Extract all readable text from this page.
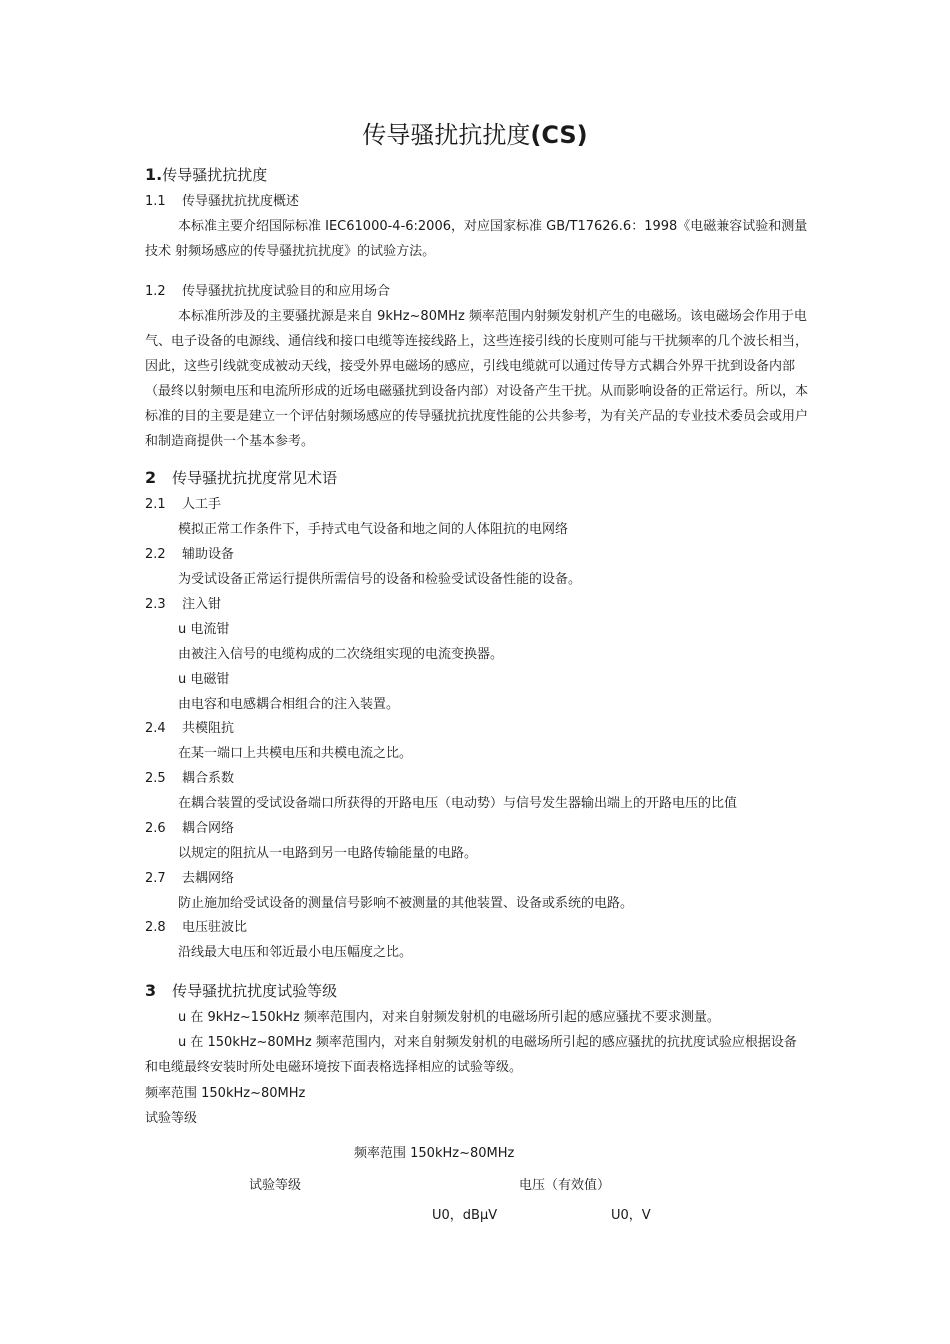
传导骚扰抗扰度(CS)
1.传导骚扰抗扰度
1.1 传导骚扰抗扰度概述
本标准主要介绍国际标准 IEC61000-4-6:2006，对应国家标准 GB/T17626.6：1998《电磁兼容试验和测量技术 射频场感应的传导骚扰抗扰度》的试验方法。
1.2 传导骚扰抗扰度试验目的和应用场合
本标准所涉及的主要骚扰源是来自 9kHz~80MHz 频率范围内射频发射机产生的电磁场。该电磁场会作用于电气、电子设备的电源线、通信线和接口电缆等连接线路上，这些连接引线的长度则可能与干扰频率的几个波长相当，因此，这些引线就变成被动天线，接受外界电磁场的感应，引线电缆就可以通过传导方式耦合外界干扰到设备内部（最终以射频电压和电流所形成的近场电磁骚扰到设备内部）对设备产生干扰。从而影响设备的正常运行。所以，本标准的目的主要是建立一个评估射频场感应的传导骚扰抗扰度性能的公共参考，为有关产品的专业技术委员会或用户和制造商提供一个基本参考。
2 传导骚扰抗扰度常见术语
2.1 人工手
模拟正常工作条件下，手持式电气设备和地之间的人体阻抗的电网络
2.2 辅助设备
为受试设备正常运行提供所需信号的设备和检验受试设备性能的设备。
2.3 注入钳
u 电流钳
由被注入信号的电缆构成的二次绕组实现的电流变换器。
u 电磁钳
由电容和电感耦合相组合的注入装置。
2.4 共模阻抗
在某一端口上共模电压和共模电流之比。
2.5 耦合系数
在耦合装置的受试设备端口所获得的开路电压（电动势）与信号发生器输出端上的开路电压的比值
2.6 耦合网络
以规定的阻抗从一电路到另一电路传输能量的电路。
2.7 去耦网络
防止施加给受试设备的测量信号影响不被测量的其他装置、设备或系统的电路。
2.8 电压驻波比
沿线最大电压和邻近最小电压幅度之比。
3 传导骚扰抗扰度试验等级
u 在 9kHz~150kHz 频率范围内，对来自射频发射机的电磁场所引起的感应骚扰不要求测量。
u 在 150kHz~80MHz 频率范围内，对来自射频发射机的电磁场所引起的感应骚扰的抗扰度试验应根据设备和电缆最终安装时所处电磁环境按下面表格选择相应的试验等级。
频率范围 150kHz~80MHz
试验等级
频率范围 150kHz~80MHz
试验等级	电压（有效值）
U0，dBμV	U0，V
